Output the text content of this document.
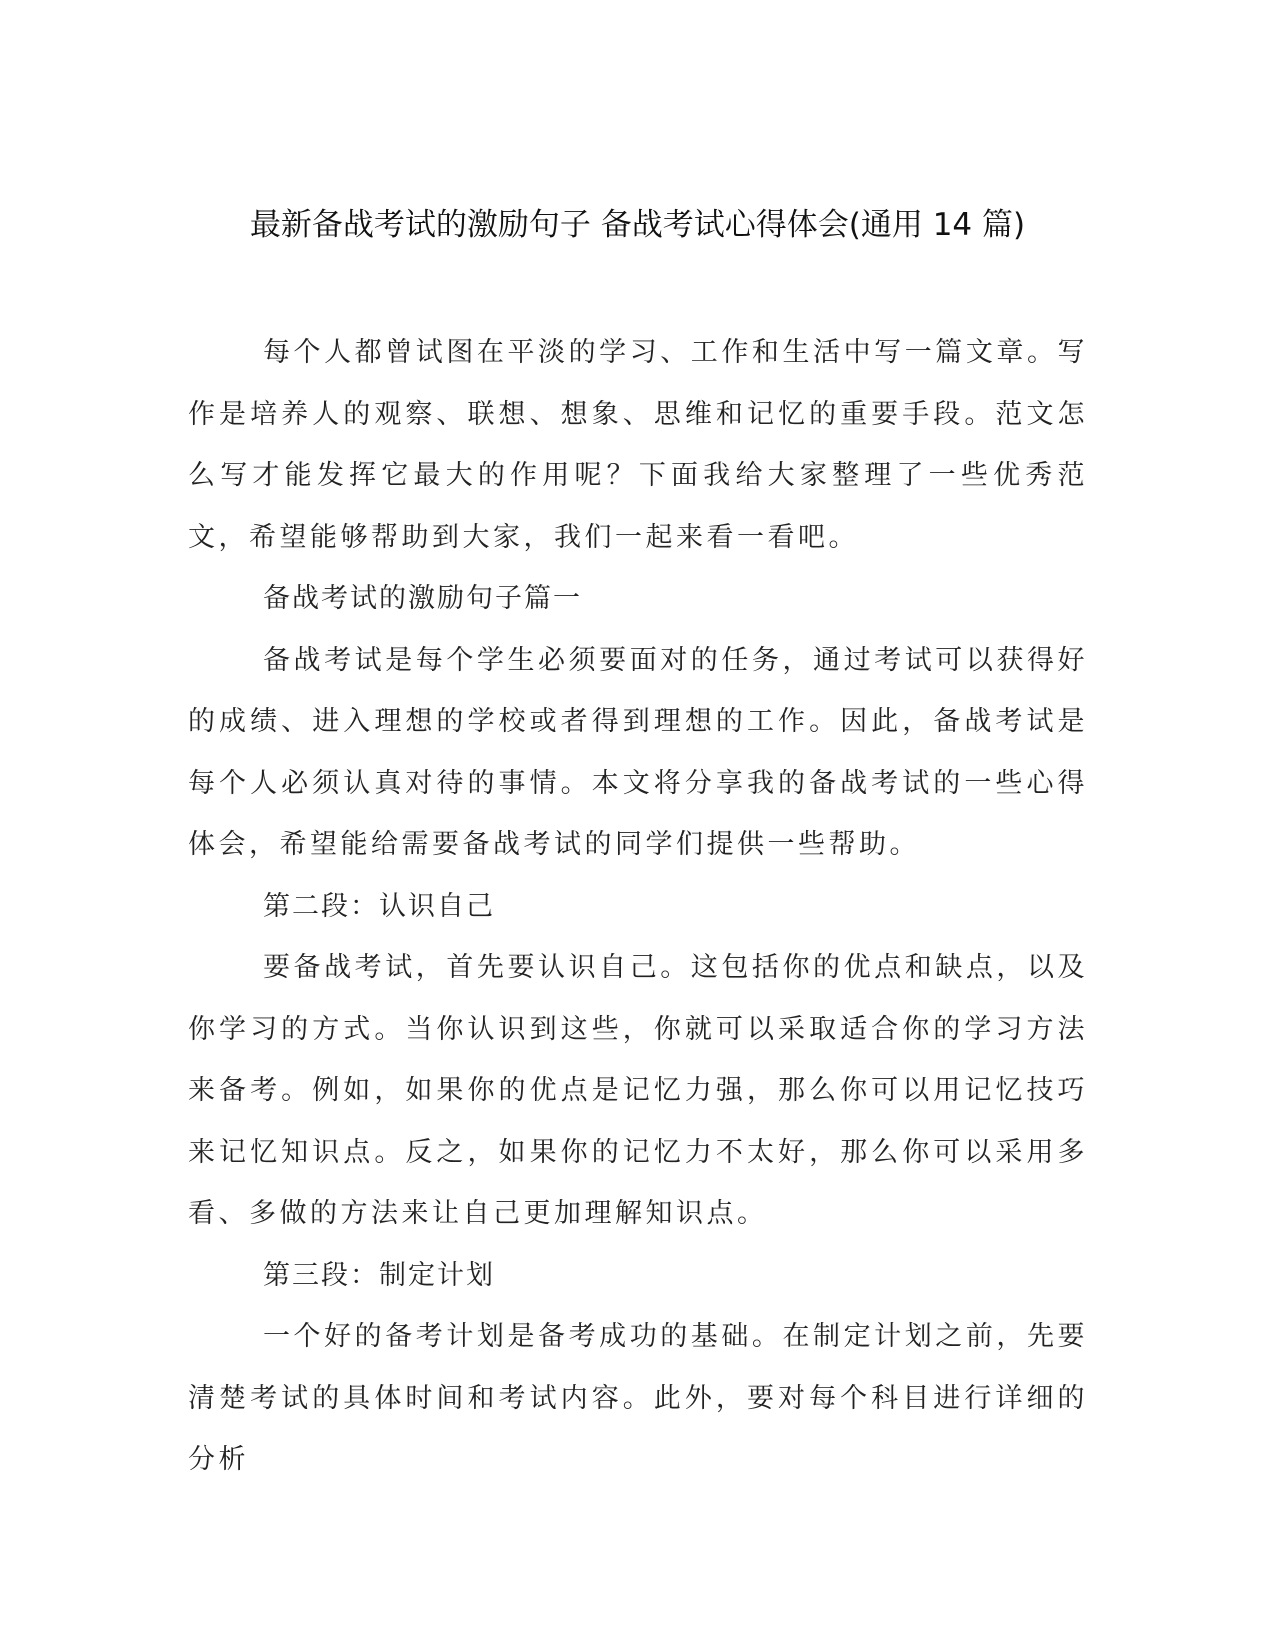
最新备战考试的激励句子 备战考试心得体会(通用 14 篇)

每个人都曾试图在平淡的学习、工作和生活中写一篇文章。写作是培养人的观察、联想、想象、思维和记忆的重要手段。范文怎么写才能发挥它最大的作用呢？下面我给大家整理了一些优秀范文，希望能够帮助到大家，我们一起来看一看吧。

备战考试的激励句子篇一

备战考试是每个学生必须要面对的任务，通过考试可以获得好的成绩、进入理想的学校或者得到理想的工作。因此，备战考试是每个人必须认真对待的事情。本文将分享我的备战考试的一些心得体会，希望能给需要备战考试的同学们提供一些帮助。

第二段：认识自己

要备战考试，首先要认识自己。这包括你的优点和缺点，以及你学习的方式。当你认识到这些，你就可以采取适合你的学习方法来备考。例如，如果你的优点是记忆力强，那么你可以用记忆技巧来记忆知识点。反之，如果你的记忆力不太好，那么你可以采用多看、多做的方法来让自己更加理解知识点。

第三段：制定计划

一个好的备考计划是备考成功的基础。在制定计划之前，先要清楚考试的具体时间和考试内容。此外，要对每个科目进行详细的分析
